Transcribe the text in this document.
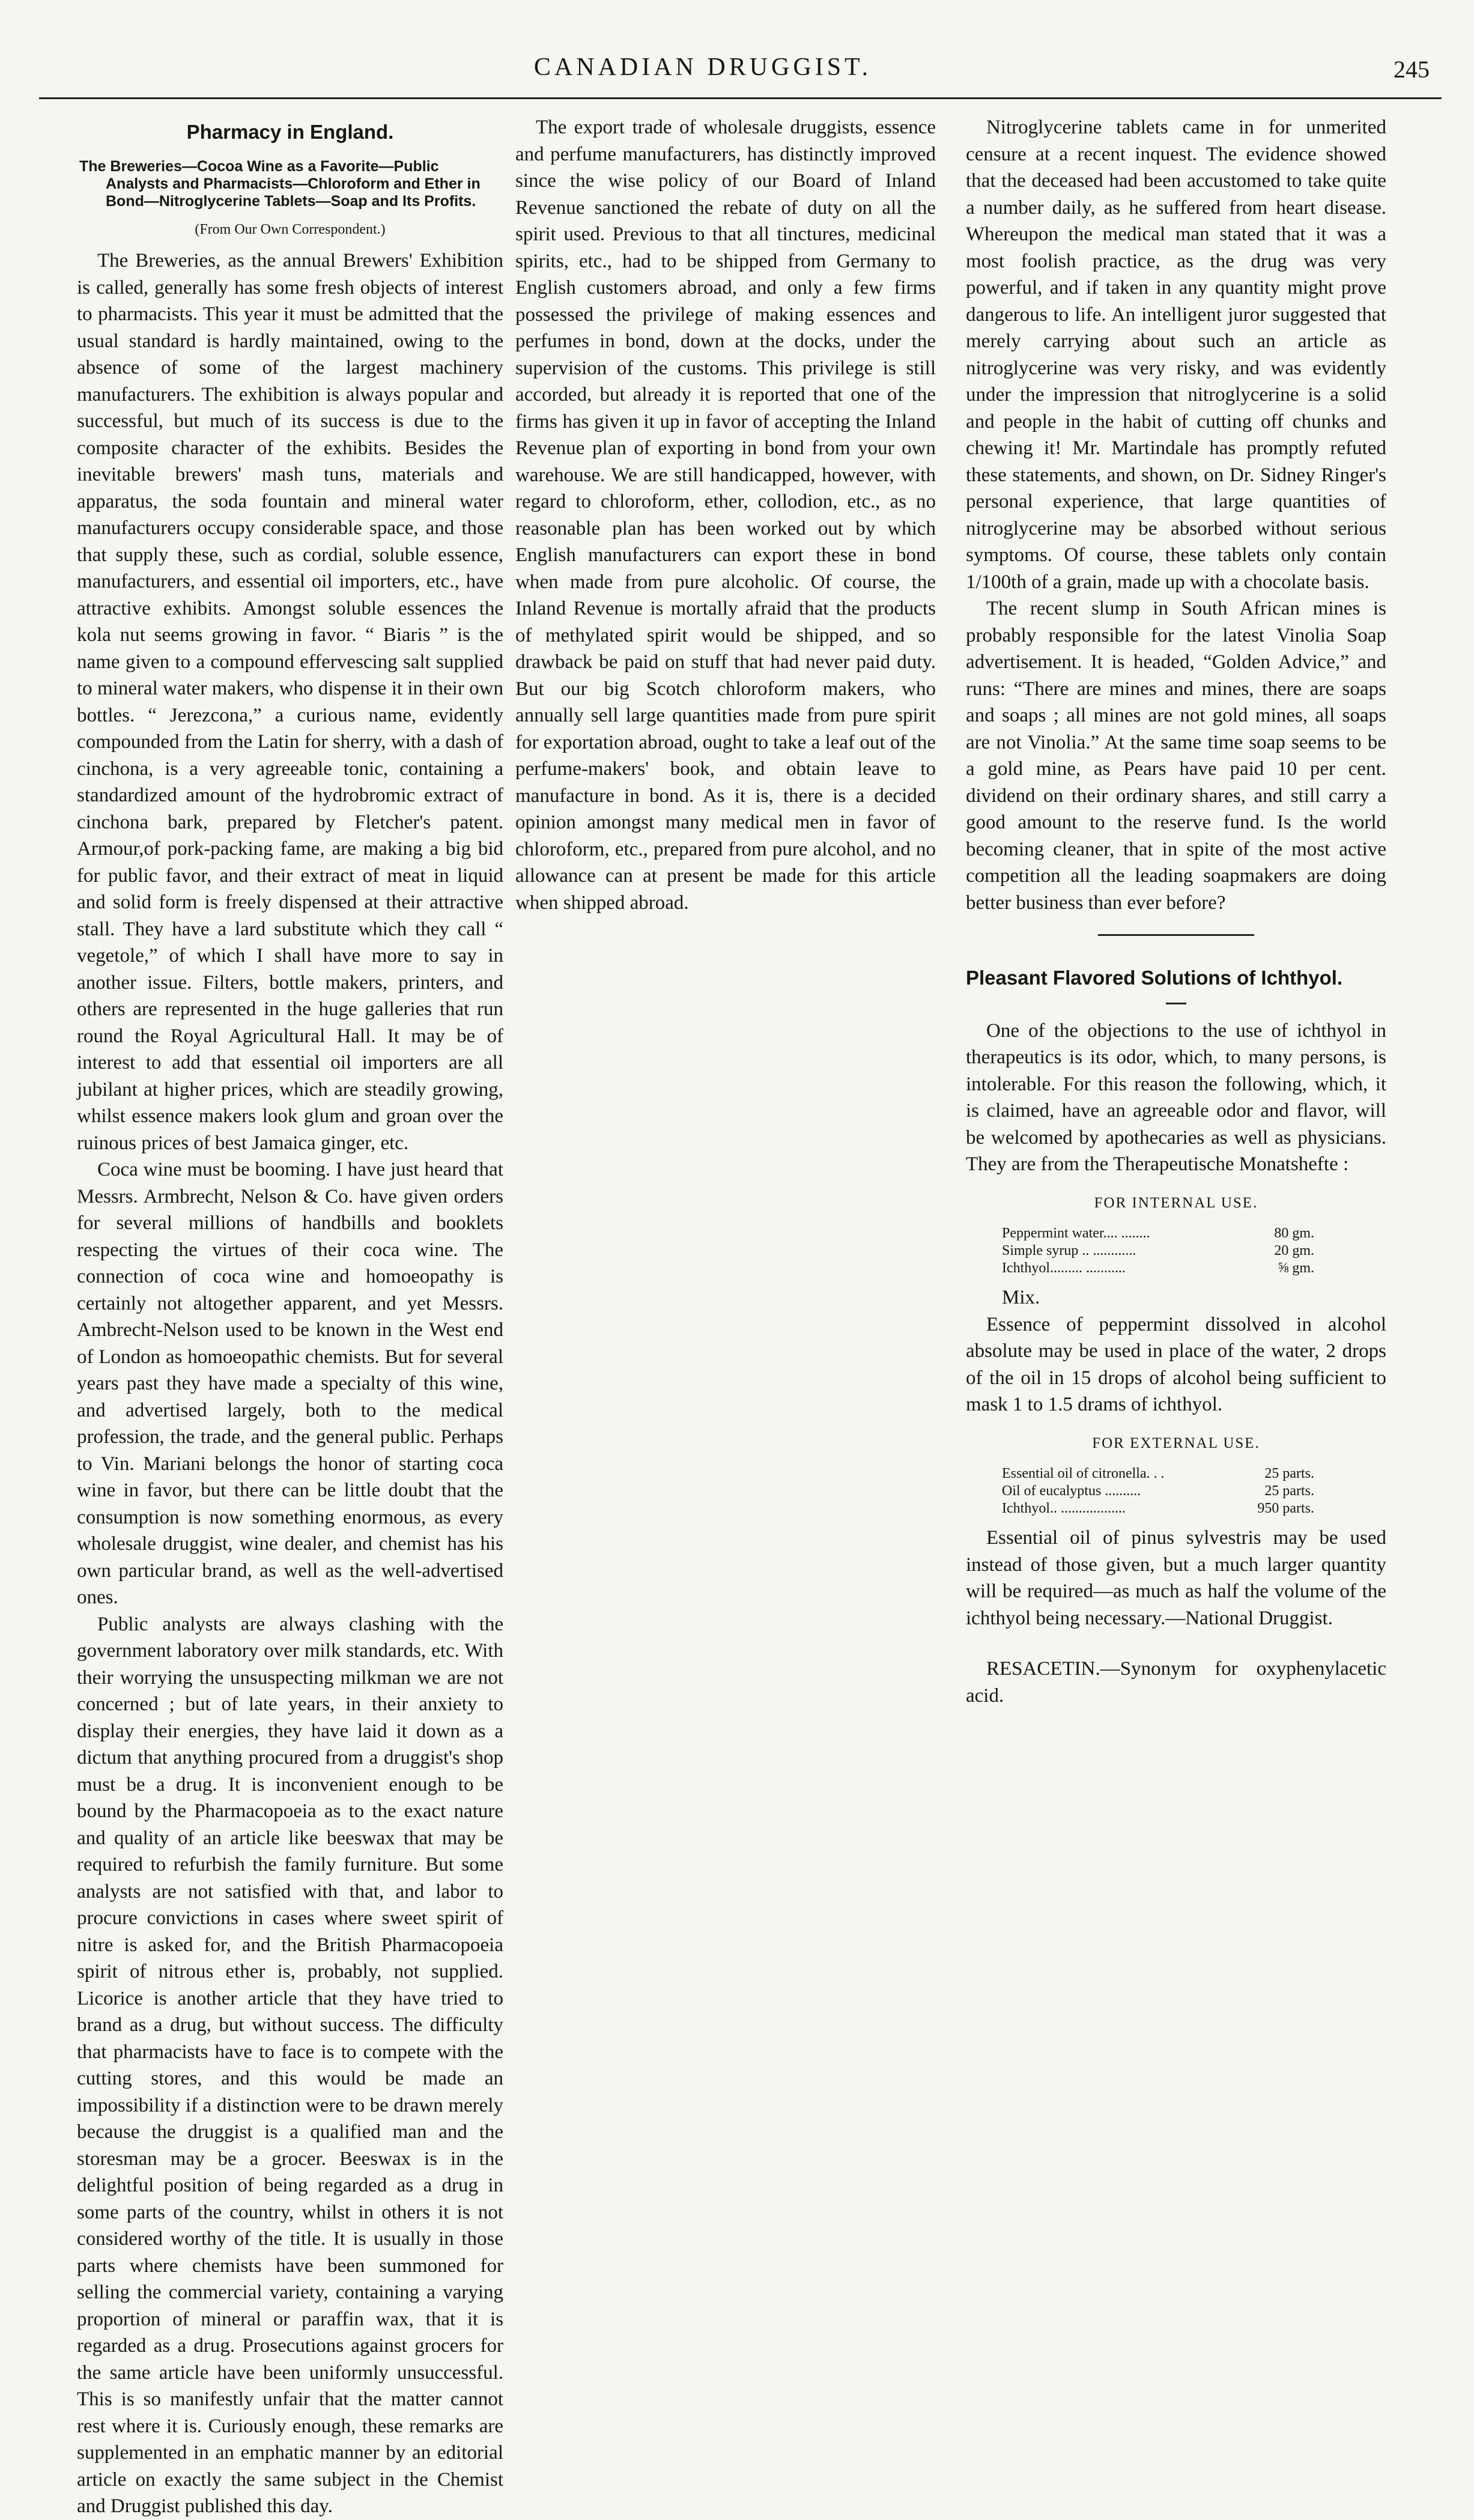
CANADIAN DRUGGIST.	245
Pharmacy in England.
The Breweries—Cocoa Wine as a Favorite—Public Analysts and Pharmacists—Chloroform and Ether in Bond—Nitroglycerine Tablets—Soap and Its Profits.
(From Our Own Correspondent.)

The Breweries, as the annual Brewers' Exhibition is called, generally has some fresh objects of interest to pharmacists. This year it must be admitted that the usual standard is hardly maintained, owing to the absence of some of the largest machinery manufacturers. The exhibition is always popular and successful, but much of its success is due to the composite character of the exhibits. Besides the inevitable brewers' mash tuns, materials and apparatus, the soda fountain and mineral water manufacturers occupy considerable space, and those that supply these, such as cordial, soluble essence, manufacturers, and essential oil importers, etc., have attractive exhibits. Amongst soluble essences the kola nut seems growing in favor. “ Biaris ” is the name given to a compound effervescing salt supplied to mineral water makers, who dispense it in their own bottles. “ Jerezcona,” a curious name, evidently compounded from the Latin for sherry, with a dash of cinchona, is a very agreeable tonic, containing a standardized amount of the hydrobromic extract of cinchona bark, prepared by Fletcher's patent. Armour,of pork-packing fame, are making a big bid for public favor, and their extract of meat in liquid and solid form is freely dispensed at their attractive stall. They have a lard substitute which they call “ vegetole,” of which I shall have more to say in another issue. Filters, bottle makers, printers, and others are represented in the huge galleries that run round the Royal Agricultural Hall. It may be of interest to add that essential oil importers are all jubilant at higher prices, which are steadily growing, whilst essence makers look glum and groan over the ruinous prices of best Jamaica ginger, etc.

Coca wine must be booming. I have just heard that Messrs. Armbrecht, Nelson & Co. have given orders for several millions of handbills and booklets respecting the virtues of their coca wine. The connection of coca wine and homoeopathy is certainly not altogether apparent, and yet Messrs. Ambrecht-Nelson used to be known in the West end of London as homoeopathic chemists. But for several years past they have made a specialty of this wine, and advertised largely, both to the medical profession, the trade, and the general public. Perhaps to Vin. Mariani belongs the honor of starting coca wine in favor, but there can be little doubt that the consumption is now something enormous, as every wholesale druggist, wine dealer, and chemist has his own particular brand, as well as the well-advertised ones.

Public analysts are always clashing with the government laboratory over milk standards, etc. With their worrying the unsuspecting milkman we are not concerned ; but of late years, in their anxiety to display their energies, they have laid it down as a dictum that anything procured from a druggist's shop must be a drug. It is inconvenient enough to be bound by the Pharmacopoeia as to the exact nature and quality of an article like beeswax that may be required to refurbish the family furniture. But some analysts are not satisfied with that, and labor to procure convictions in cases where sweet spirit of nitre is asked for, and the British Pharmacopoeia spirit of nitrous ether is, probably, not supplied. Licorice is another article that they have tried to brand as a drug, but without success. The difficulty that pharmacists have to face is to compete with the cutting stores, and this would be made an impossibility if a distinction were to be drawn merely because the druggist is a qualified man and the storesman may be a grocer. Beeswax is in the delightful position of being regarded as a drug in some parts of the country, whilst in others it is not considered worthy of the title. It is usually in those parts where chemists have been summoned for selling the commercial variety, containing a varying proportion of mineral or paraffin wax, that it is regarded as a drug. Prosecutions against grocers for the same article have been uniformly unsuccessful. This is so manifestly unfair that the matter cannot rest where it is. Curiously enough, these remarks are supplemented in an emphatic manner by an editorial article on exactly the same subject in the Chemist and Druggist published this day.

The export trade of wholesale druggists, essence and perfume manufacturers, has distinctly improved since the wise policy of our Board of Inland Revenue sanctioned the rebate of duty on all the spirit used. Previous to that all tinctures, medicinal spirits, etc., had to be shipped from Germany to English customers abroad, and only a few firms possessed the privilege of making essences and perfumes in bond, down at the docks, under the supervision of the customs. This privilege is still accorded, but already it is reported that one of the firms has given it up in favor of accepting the Inland Revenue plan of exporting in bond from your own warehouse. We are still handicapped, however, with regard to chloroform, ether, collodion, etc., as no reasonable plan has been worked out by which English manufacturers can export these in bond when made from pure alcoholic. Of course, the Inland Revenue is mortally afraid that the products of methylated spirit would be shipped, and so drawback be paid on stuff that had never paid duty. But our big Scotch chloroform makers, who annually sell large quantities made from pure spirit for exportation abroad, ought to take a leaf out of the perfume-makers' book, and obtain leave to manufacture in bond. As it is, there is a decided opinion amongst many medical men in favor of chloroform, etc., prepared from pure alcohol, and no allowance can at present be made for this article when shipped abroad.

Nitroglycerine tablets came in for unmerited censure at a recent inquest. The evidence showed that the deceased had been accustomed to take quite a number daily, as he suffered from heart disease. Whereupon the medical man stated that it was a most foolish practice, as the drug was very powerful, and if taken in any quantity might prove dangerous to life. An intelligent juror suggested that merely carrying about such an article as nitroglycerine was very risky, and was evidently under the impression that nitroglycerine is a solid and people in the habit of cutting off chunks and chewing it! Mr. Martindale has promptly refuted these statements, and shown, on Dr. Sidney Ringer's personal experience, that large quantities of nitroglycerine may be absorbed without serious symptoms. Of course, these tablets only contain 1/100th of a grain, made up with a chocolate basis.

The recent slump in South African mines is probably responsible for the latest Vinolia Soap advertisement. It is headed, “Golden Advice,” and runs: “There are mines and mines, there are soaps and soaps ; all mines are not gold mines, all soaps are not Vinolia.” At the same time soap seems to be a gold mine, as Pears have paid 10 per cent. dividend on their ordinary shares, and still carry a good amount to the reserve fund. Is the world becoming cleaner, that in spite of the most active competition all the leading soapmakers are doing better business than ever before?

Pleasant Flavored Solutions of Ichthyol.

One of the objections to the use of ichthyol in therapeutics is its odor, which, to many persons, is intolerable. For this reason the following, which, it is claimed, have an agreeable odor and flavor, will be welcomed by apothecaries as well as physicians. They are from the Therapeutische Monatshefte :

FOR INTERNAL USE.
Peppermint water.... ........	80 gm.
Simple syrup .. ............	20 gm.
Ichthyol......... ...........	⅝ gm.
Mix.

Essence of peppermint dissolved in alcohol absolute may be used in place of the water, 2 drops of the oil in 15 drops of alcohol being sufficient to mask 1 to 1.5 drams of ichthyol.

FOR EXTERNAL USE.
Essential oil of citronella. . .	25 parts.
Oil of eucalyptus ..........	25 parts.
Ichthyol.. ..................	950 parts.

Essential oil of pinus sylvestris may be used instead of those given, but a much larger quantity will be required—as much as half the volume of the ichthyol being necessary.—National Druggist.

RESACETIN.—Synonym for oxyphenylacetic acid.
